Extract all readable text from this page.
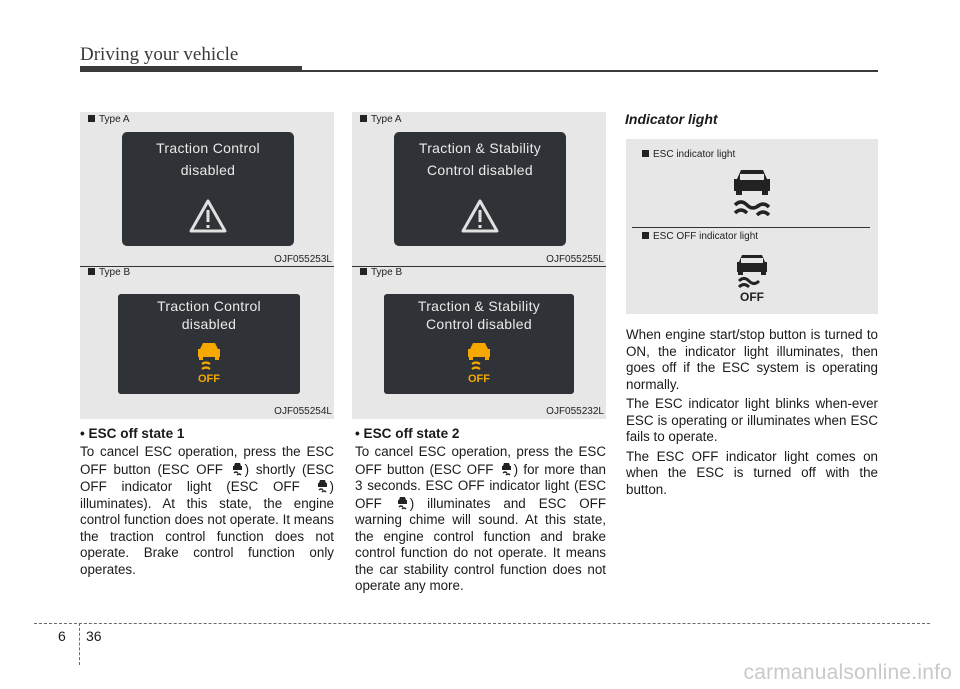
Driving your vehicle
Type A
Traction Control
disabled
OJF055253L
Type B
Traction Control
disabled
OFF
OJF055254L
Type A
Traction & Stability
Control disabled
OJF055255L
Type B
Traction & Stability
Control disabled
OFF
OJF055232L
Indicator light
ESC indicator light
ESC OFF indicator light
OFF
• ESC off state 1

To cancel ESC operation, press the ESC OFF button (ESC OFF ) shortly (ESC OFF indicator light (ESC OFF ) illuminates). At this state, the engine control function does not operate. It means the traction control function does not operate. Brake control function only operates.

• ESC off state 2

To cancel ESC operation, press the ESC OFF button (ESC OFF ) for more than 3 seconds. ESC OFF indicator light (ESC OFF ) illuminates and ESC OFF warning chime will sound. At this state, the engine control function and brake control function do not operate. It means the car stability control function does not operate any more.

When engine start/stop button is turned to ON, the indicator light illuminates, then goes off if the ESC system is operating normally.

The ESC indicator light blinks when-ever ESC is operating or illuminates when ESC fails to operate.

The ESC OFF indicator light comes on when the ESC is turned off with the button.

6 36
carmanualsonline.info
